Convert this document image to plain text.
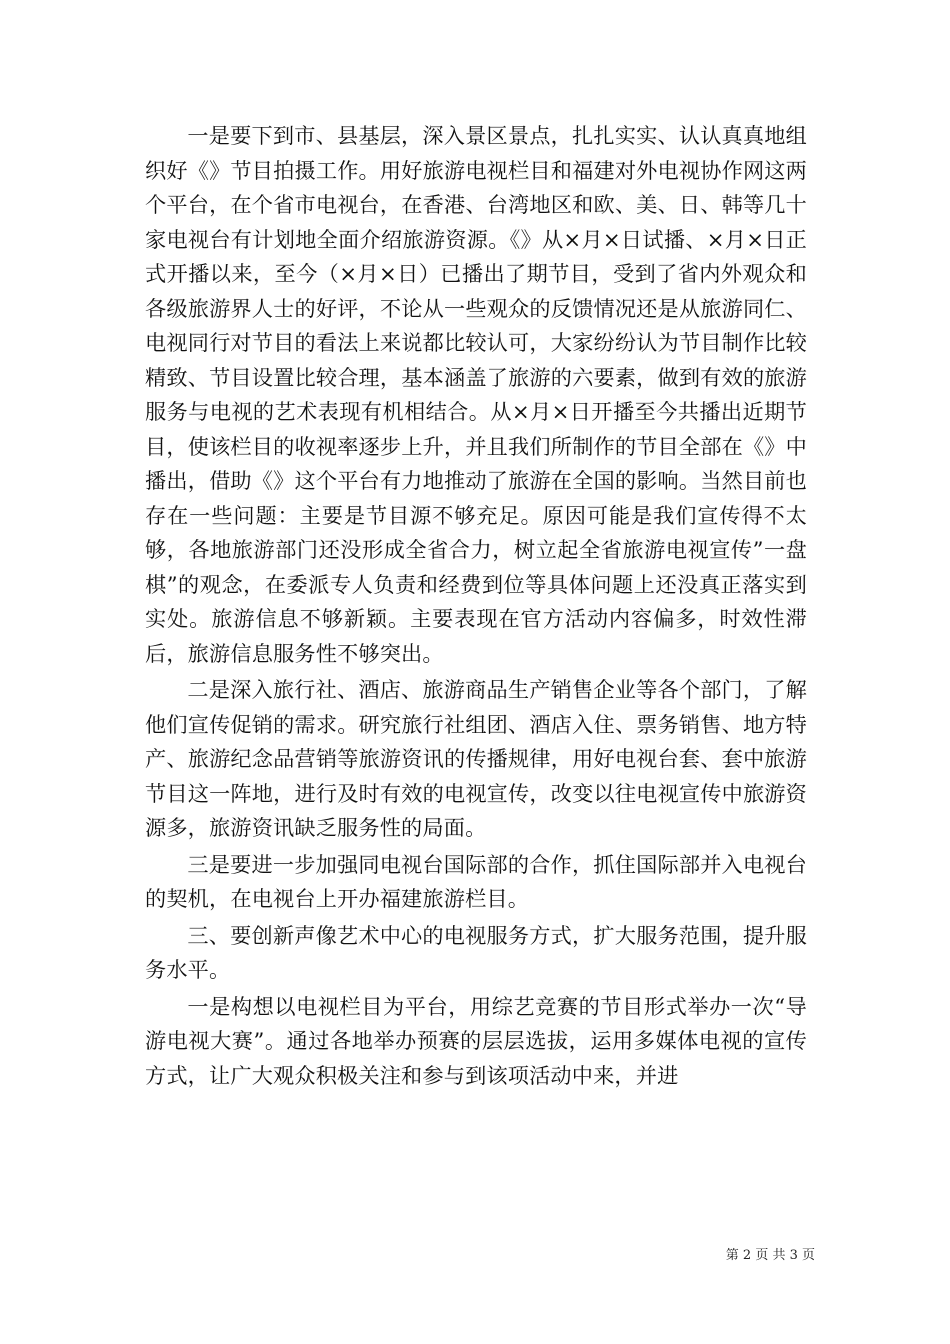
一是要下到市、县基层，深入景区景点，扎扎实实、认认真真地组织好《》节目拍摄工作。用好旅游电视栏目和福建对外电视协作网这两个平台，在个省市电视台，在香港、台湾地区和欧、美、日、韩等几十家电视台有计划地全面介绍旅游资源。《》从×月×日试播、×月×日正式开播以来，至今（×月×日）已播出了期节目，受到了省内外观众和各级旅游界人士的好评，不论从一些观众的反馈情况还是从旅游同仁、电视同行对节目的看法上来说都比较认可，大家纷纷认为节目制作比较精致、节目设置比较合理，基本涵盖了旅游的六要素，做到有效的旅游服务与电视的艺术表现有机相结合。从×月×日开播至今共播出近期节目，使该栏目的收视率逐步上升，并且我们所制作的节目全部在《》中播出，借助《》这个平台有力地推动了旅游在全国的影响。当然目前也存在一些问题：主要是节目源不够充足。原因可能是我们宣传得不太够，各地旅游部门还没形成全省合力，树立起全省旅游电视宣传”一盘棋”的观念，在委派专人负责和经费到位等具体问题上还没真正落实到实处。旅游信息不够新颖。主要表现在官方活动内容偏多，时效性滞后，旅游信息服务性不够突出。

二是深入旅行社、酒店、旅游商品生产销售企业等各个部门，了解他们宣传促销的需求。研究旅行社组团、酒店入住、票务销售、地方特产、旅游纪念品营销等旅游资讯的传播规律，用好电视台套、套中旅游节目这一阵地，进行及时有效的电视宣传，改变以往电视宣传中旅游资源多，旅游资讯缺乏服务性的局面。

三是要进一步加强同电视台国际部的合作，抓住国际部并入电视台的契机，在电视台上开办福建旅游栏目。

三、要创新声像艺术中心的电视服务方式，扩大服务范围，提升服务水平。

一是构想以电视栏目为平台，用综艺竞赛的节目形式举办一次“导游电视大赛”。通过各地举办预赛的层层选拔，运用多媒体电视的宣传方式，让广大观众积极关注和参与到该项活动中来，并进

第 2 页 共 3 页
